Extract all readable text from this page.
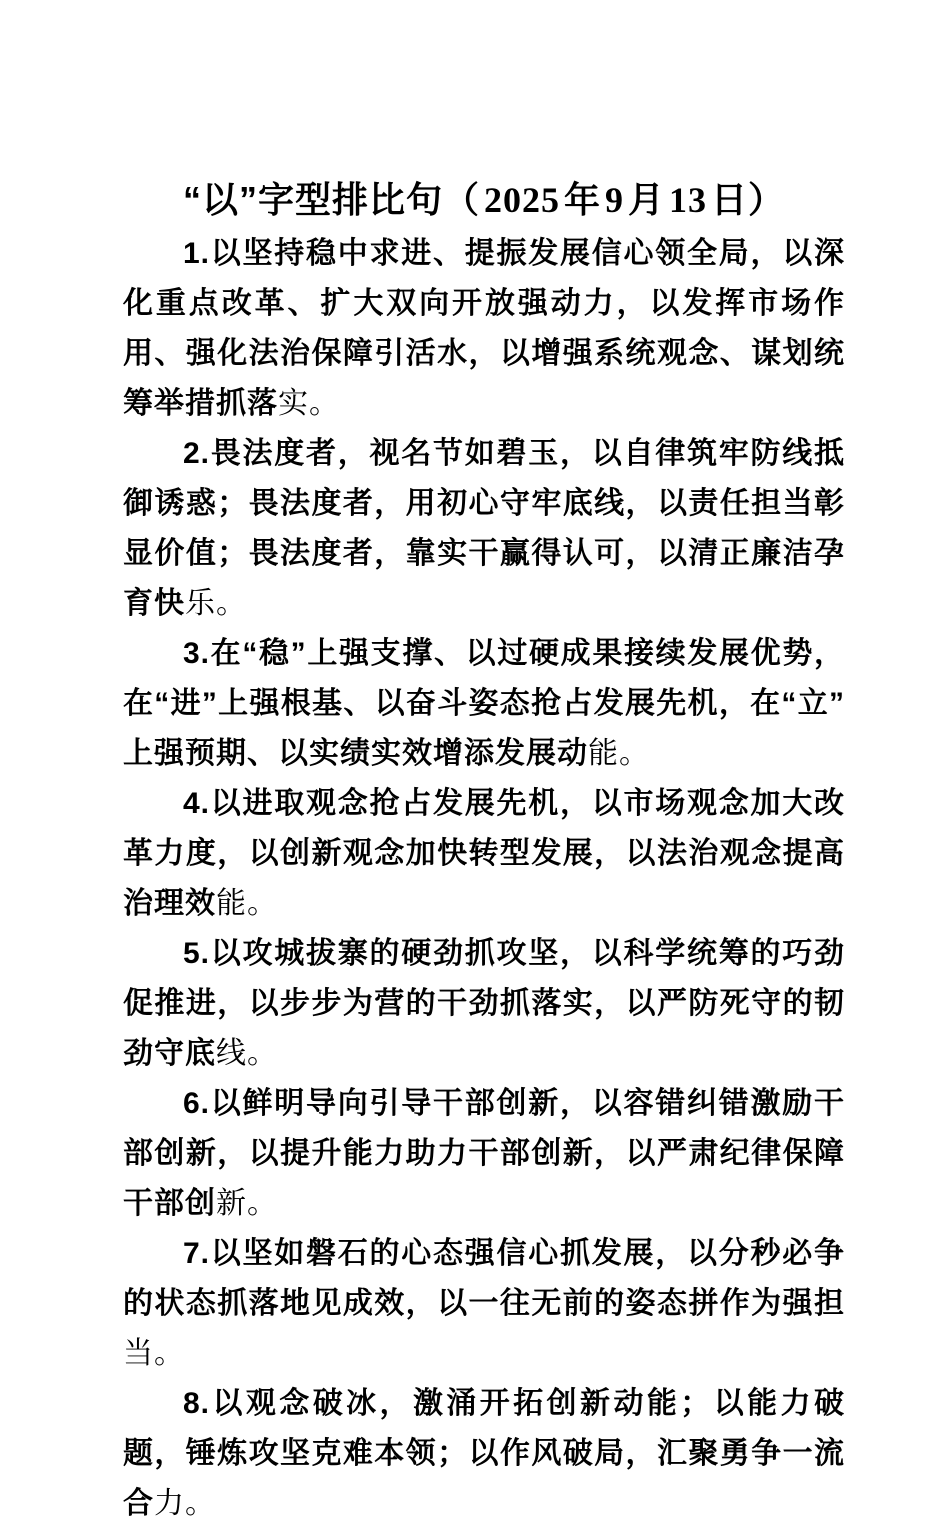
“以”字型排比句（ 2025 年 9 月 13 日）

1.以坚持稳中求进、提振发展信心领全局，以深化重点改革、扩大双向开放强动力，以发挥市场作用、强化法治保障引活水，以增强系统观念、谋划统筹举措抓落实。

2.畏法度者，视名节如碧玉，以自律筑牢防线抵御诱惑；畏法度者，用初心守牢底线，以责任担当彰显价值；畏法度者，靠实干赢得认可，以清正廉洁孕育快乐。

3.在“稳”上强支撑、以过硬成果接续发展优势，在“进”上强根基、以奋斗姿态抢占发展先机，在“立”上强预期、以实绩实效增添发展动能。

4.以进取观念抢占发展先机，以市场观念加大改革力度，以创新观念加快转型发展，以法治观念提高治理效能。

5.以攻城拔寨的硬劲抓攻坚，以科学统筹的巧劲促推进，以步步为营的干劲抓落实，以严防死守的韧劲守底线。

6.以鲜明导向引导干部创新，以容错纠错激励干部创新，以提升能力助力干部创新，以严肃纪律保障干部创新。

7.以坚如磐石的心态强信心抓发展，以分秒必争的状态抓落地见成效，以一往无前的姿态拼作为强担当。

8.以观念破冰，激涌开拓创新动能；以能力破题，锤炼攻坚克难本领；以作风破局，汇聚勇争一流合力。
